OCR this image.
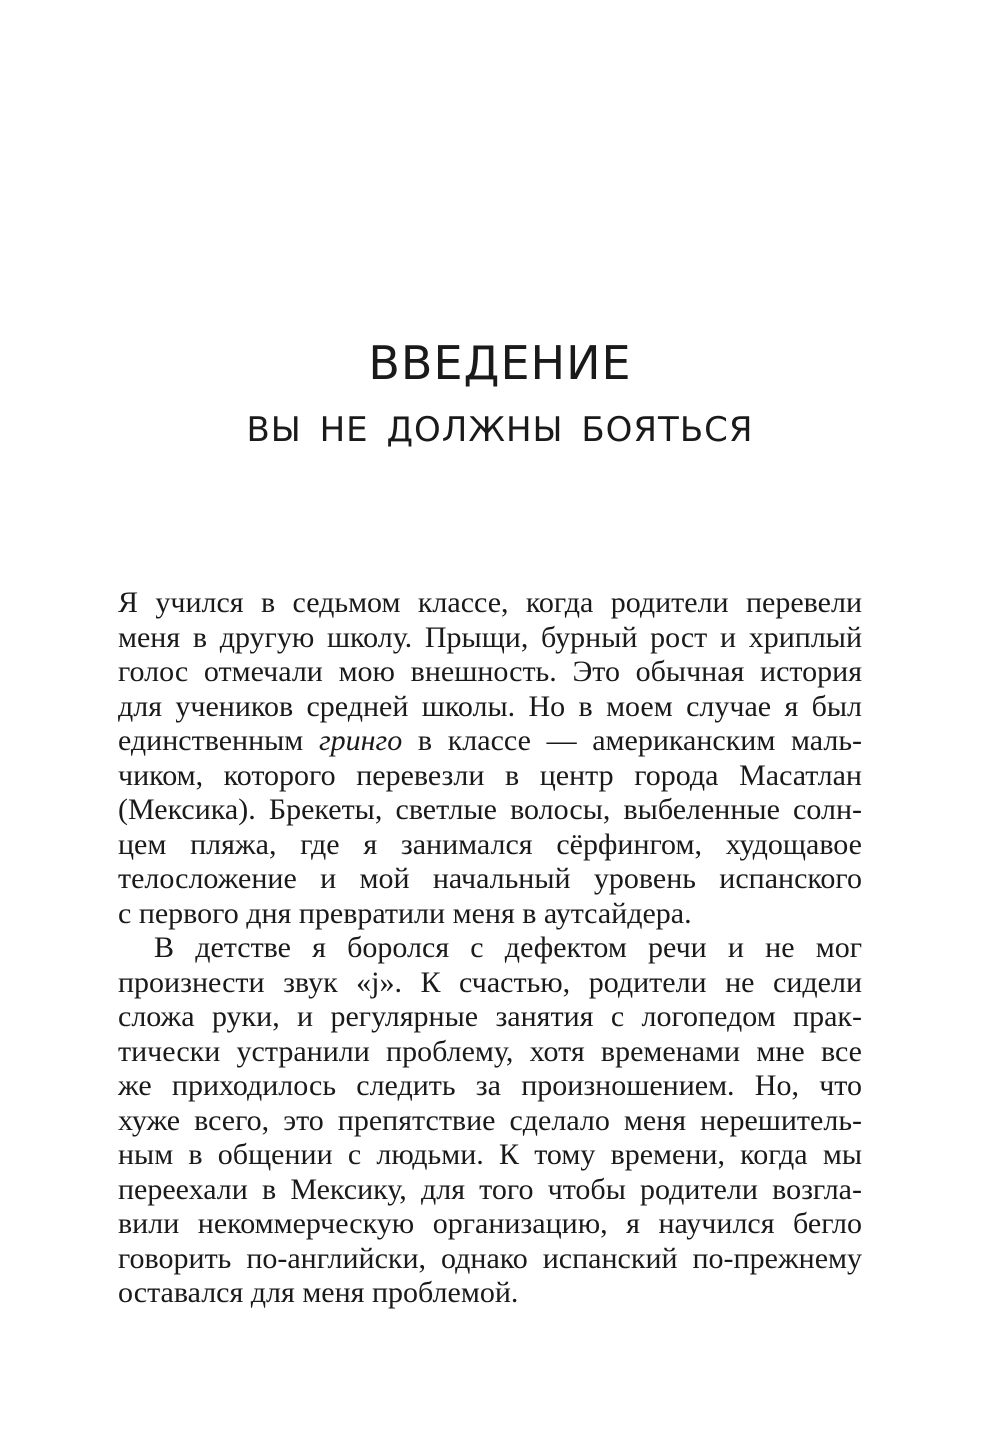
ВВЕДЕНИЕ
ВЫ НЕ ДОЛЖНЫ БОЯТЬСЯ
Я учился в седьмом классе, когда родители перевели
меня в другую школу. Прыщи, бурный рост и хриплый
голос отмечали мою внешность. Это обычная история
для учеников средней школы. Но в моем случае я был
единственным гринго в классе — американским маль-
чиком, которого перевезли в центр города Масатлан
(Мексика). Брекеты, светлые волосы, выбеленные солн-
цем пляжа, где я занимался сёрфингом, худощавое
телосложение и мой начальный уровень испанского
с первого дня превратили меня в аутсайдера.
В детстве я боролся с дефектом речи и не мог
произнести звук «j». К счастью, родители не сидели
сложа руки, и регулярные занятия с логопедом прак-
тически устранили проблему, хотя временами мне все
же приходилось следить за произношением. Но, что
хуже всего, это препятствие сделало меня нерешитель-
ным в общении с людьми. К тому времени, когда мы
переехали в Мексику, для того чтобы родители возгла-
вили некоммерческую организацию, я научился бегло
говорить по-английски, однако испанский по-прежнему
оставался для меня проблемой.
